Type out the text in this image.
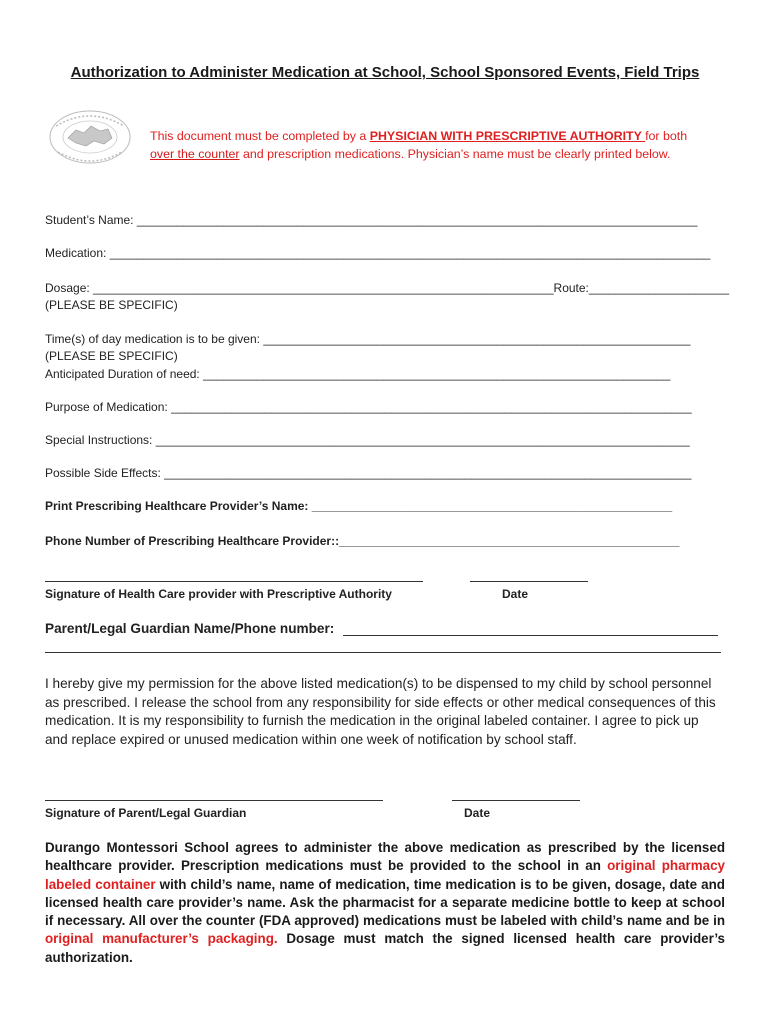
Authorization to Administer Medication at School, School Sponsored Events, Field Trips
This document must be completed by a PHYSICIAN WITH PRESCRIPTIVE AUTHORITY for both
over the counter and prescription medications. Physician’s name must be clearly printed below.
Student’s Name: ____________________________________________________________________________________
Medication: __________________________________________________________________________________________
Dosage: _____________________________________________________________________Route:_____________________
(PLEASE BE SPECIFIC)
Time(s) of day medication is to be given: ________________________________________________________________
(PLEASE BE SPECIFIC)
Anticipated Duration of need: ______________________________________________________________________
Purpose of Medication: ______________________________________________________________________________
Special Instructions: ________________________________________________________________________________
Possible Side Effects: _______________________________________________________________________________
Print Prescribing Healthcare Provider’s Name: ______________________________________________________
Phone Number of Prescribing Healthcare Provider::___________________________________________________
Signature of Health Care provider with Prescriptive Authority	Date
Parent/Legal Guardian Name/Phone number:
I hereby give my permission for the above listed medication(s) to be dispensed to my child by school personnel as prescribed. I release the school from any responsibility for side effects or other medical consequences of this medication. It is my responsibility to furnish the medication in the original labeled container. I agree to pick up and replace expired or unused medication within one week of notification by school staff.
Signature of Parent/Legal Guardian	Date
Durango Montessori School agrees to administer the above medication as prescribed by the licensed healthcare provider. Prescription medications must be provided to the school in an original pharmacy labeled container with child’s name, name of medication, time medication is to be given, dosage, date and licensed health care provider’s name. Ask the pharmacist for a separate medicine bottle to keep at school if necessary. All over the counter (FDA approved) medications must be labeled with child’s name and be in original manufacturer’s packaging. Dosage must match the signed licensed health care provider’s authorization.
